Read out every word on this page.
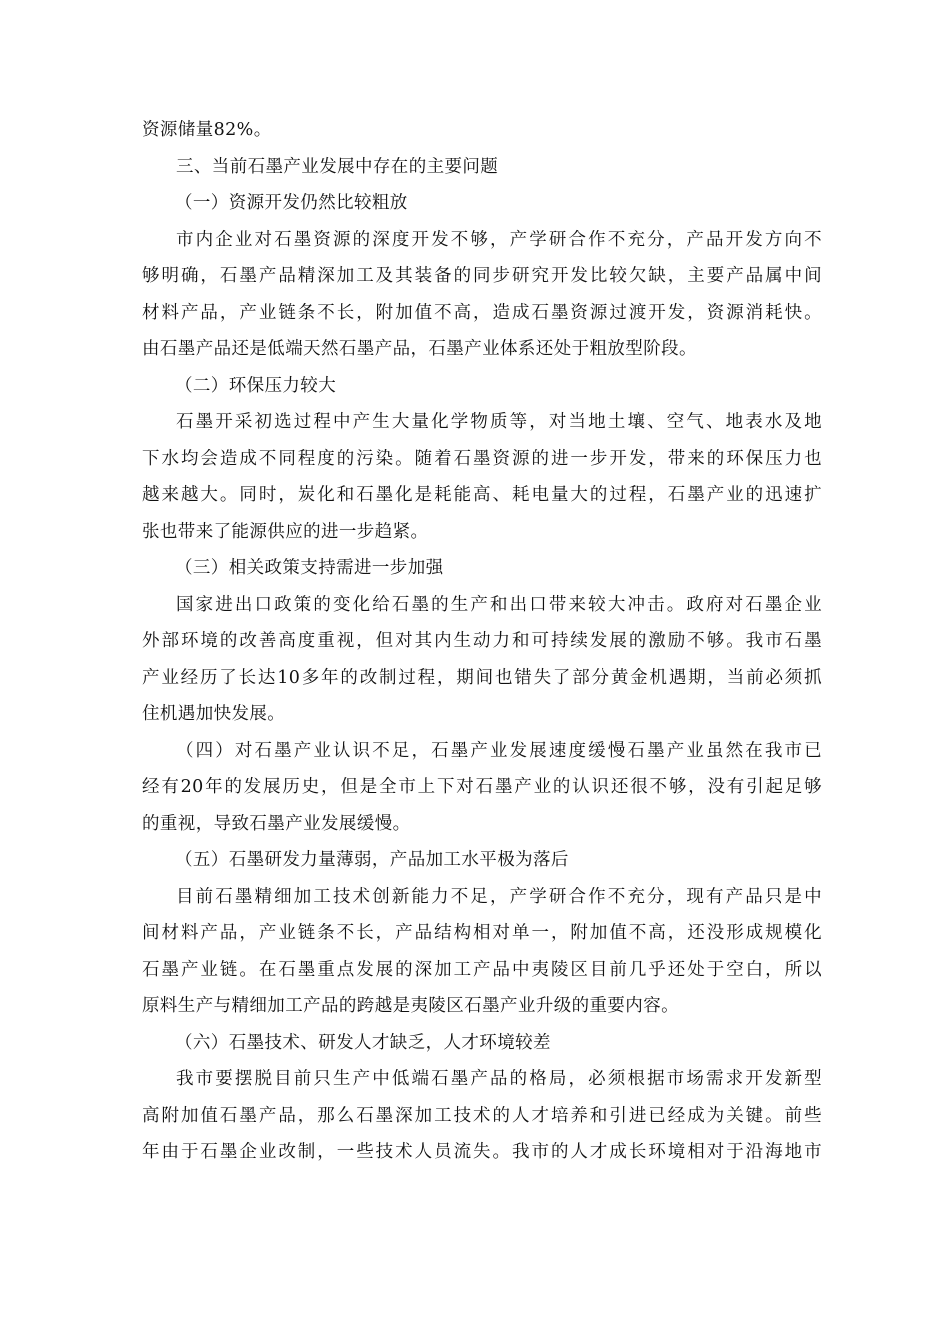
资源储量82%。
三、当前石墨产业发展中存在的主要问题
（一）资源开发仍然比较粗放
市内企业对石墨资源的深度开发不够，产学研合作不充分，产品开发方向不
够明确，石墨产品精深加工及其装备的同步研究开发比较欠缺，主要产品属中间
材料产品，产业链条不长，附加值不高，造成石墨资源过渡开发，资源消耗快。
由石墨产品还是低端天然石墨产品，石墨产业体系还处于粗放型阶段。
（二）环保压力较大
石墨开采初选过程中产生大量化学物质等，对当地土壤、空气、地表水及地
下水均会造成不同程度的污染。随着石墨资源的进一步开发，带来的环保压力也
越来越大。同时，炭化和石墨化是耗能高、耗电量大的过程，石墨产业的迅速扩
张也带来了能源供应的进一步趋紧。
（三）相关政策支持需进一步加强
国家进出口政策的变化给石墨的生产和出口带来较大冲击。政府对石墨企业
外部环境的改善高度重视，但对其内生动力和可持续发展的激励不够。我市石墨
产业经历了长达10多年的改制过程，期间也错失了部分黄金机遇期，当前必须抓
住机遇加快发展。
（四）对石墨产业认识不足，石墨产业发展速度缓慢石墨产业虽然在我市已
经有20年的发展历史，但是全市上下对石墨产业的认识还很不够，没有引起足够
的重视，导致石墨产业发展缓慢。
（五）石墨研发力量薄弱，产品加工水平极为落后
目前石墨精细加工技术创新能力不足，产学研合作不充分，现有产品只是中
间材料产品，产业链条不长，产品结构相对单一，附加值不高，还没形成规模化
石墨产业链。在石墨重点发展的深加工产品中夷陵区目前几乎还处于空白，所以
原料生产与精细加工产品的跨越是夷陵区石墨产业升级的重要内容。
（六）石墨技术、研发人才缺乏，人才环境较差
我市要摆脱目前只生产中低端石墨产品的格局，必须根据市场需求开发新型
高附加值石墨产品，那么石墨深加工技术的人才培养和引进已经成为关键。前些
年由于石墨企业改制，一些技术人员流失。我市的人才成长环境相对于沿海地市
